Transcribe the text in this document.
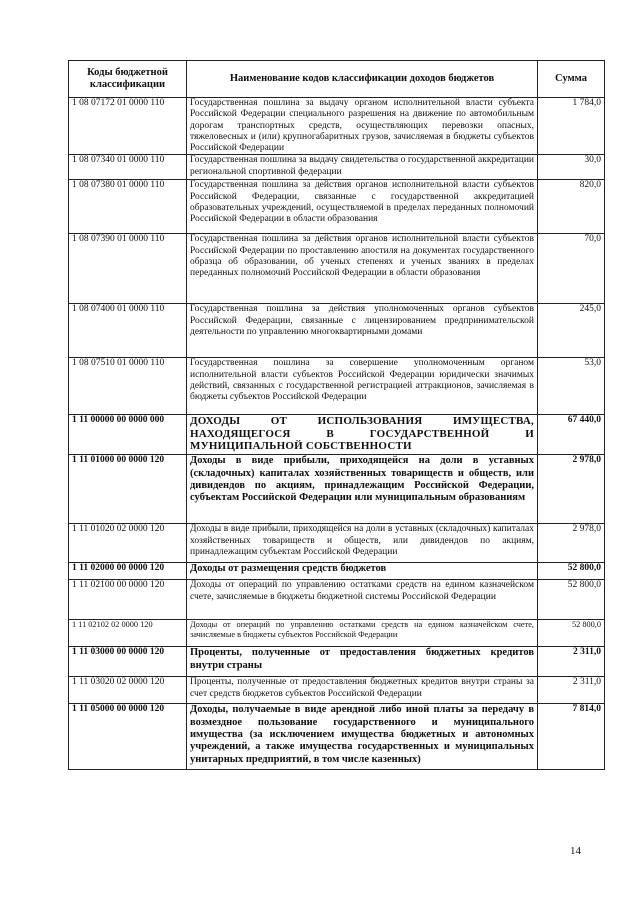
Коды бюджетной классификации	Наименование кодов классификации доходов бюджетов	Сумма
1 08 07172 01 0000 110	Государственная пошлина за выдачу органом исполнительной власти субъекта Российской Федерации специального разрешения на движение по автомобильным дорогам транспортных средств, осуществляющих перевозки опасных, тяжеловесных и (или) крупногабаритных грузов, зачисляемая в бюджеты субъектов Российской Федерации	1 784,0
1 08 07340 01 0000 110	Государственная пошлина за выдачу свидетельства о государственной аккредитации региональной спортивной федерации	30,0
1 08 07380 01 0000 110	Государственная пошлина за действия органов исполнительной власти субъектов Российской Федерации, связанные с государственной аккредитацией образовательных учреждений, осуществляемой в пределах переданных полномочий Российской Федерации в области образования	820,0
1 08 07390 01 0000 110	Государственная пошлина за действия органов исполнительной власти субъектов Российской Федерации по проставлению апостиля на документах государственного образца об образовании, об ученых степенях и ученых званиях в пределах переданных полномочий Российской Федерации в области образования	70,0
1 08 07400 01 0000 110	Государственная пошлина за действия уполномоченных органов субъектов Российской Федерации, связанные с лицензированием предпринимательской деятельности по управлению многоквартирными домами	245,0
1 08 07510 01 0000 110	Государственная пошлина за совершение уполномоченным органом исполнительной власти субъектов Российской Федерации юридически значимых действий, связанных с государственной регистрацией аттракционов, зачисляемая в бюджеты субъектов Российской Федерации	53,0
1 11 00000 00 0000 000	ДОХОДЫ ОТ ИСПОЛЬЗОВАНИЯ ИМУЩЕСТВА, НАХОДЯЩЕГОСЯ В ГОСУДАРСТВЕННОЙ И МУНИЦИПАЛЬНОЙ СОБСТВЕННОСТИ	67 440,0
1 11 01000 00 0000 120	Доходы в виде прибыли, приходящейся на доли в уставных (складочных) капиталах хозяйственных товариществ и обществ, или дивидендов по акциям, принадлежащим Российской Федерации, субъектам Российской Федерации или муниципальным образованиям	2 978,0
1 11 01020 02 0000 120	Доходы в виде прибыли, приходящейся на доли в уставных (складочных) капиталах хозяйственных товариществ и обществ, или дивидендов по акциям, принадлежащим субъектам Российской Федерации	2 978,0
1 11 02000 00 0000 120	Доходы от размещения средств бюджетов	52 800,0
1 11 02100 00 0000 120	Доходы от операций по управлению остатками средств на едином казначейском счете, зачисляемые в бюджеты бюджетной системы Российской Федерации	52 800,0
1 11 02102 02 0000 120	Доходы от операций по управлению остатками средств на едином казначейском счете, зачисляемые в бюджеты субъектов Российской Федерации	52 800,0
1 11 03000 00 0000 120	Проценты, полученные от предоставления бюджетных кредитов внутри страны	2 311,0
1 11 03020 02 0000 120	Проценты, полученные от предоставления бюджетных кредитов внутри страны за счет средств бюджетов субъектов Российской Федерации	2 311,0
1 11 05000 00 0000 120	Доходы, получаемые в виде арендной либо иной платы за передачу в возмездное пользование государственного и муниципального имущества (за исключением имущества бюджетных и автономных учреждений, а также имущества государственных и муниципальных унитарных предприятий, в том числе казенных)	7 814,0
14
